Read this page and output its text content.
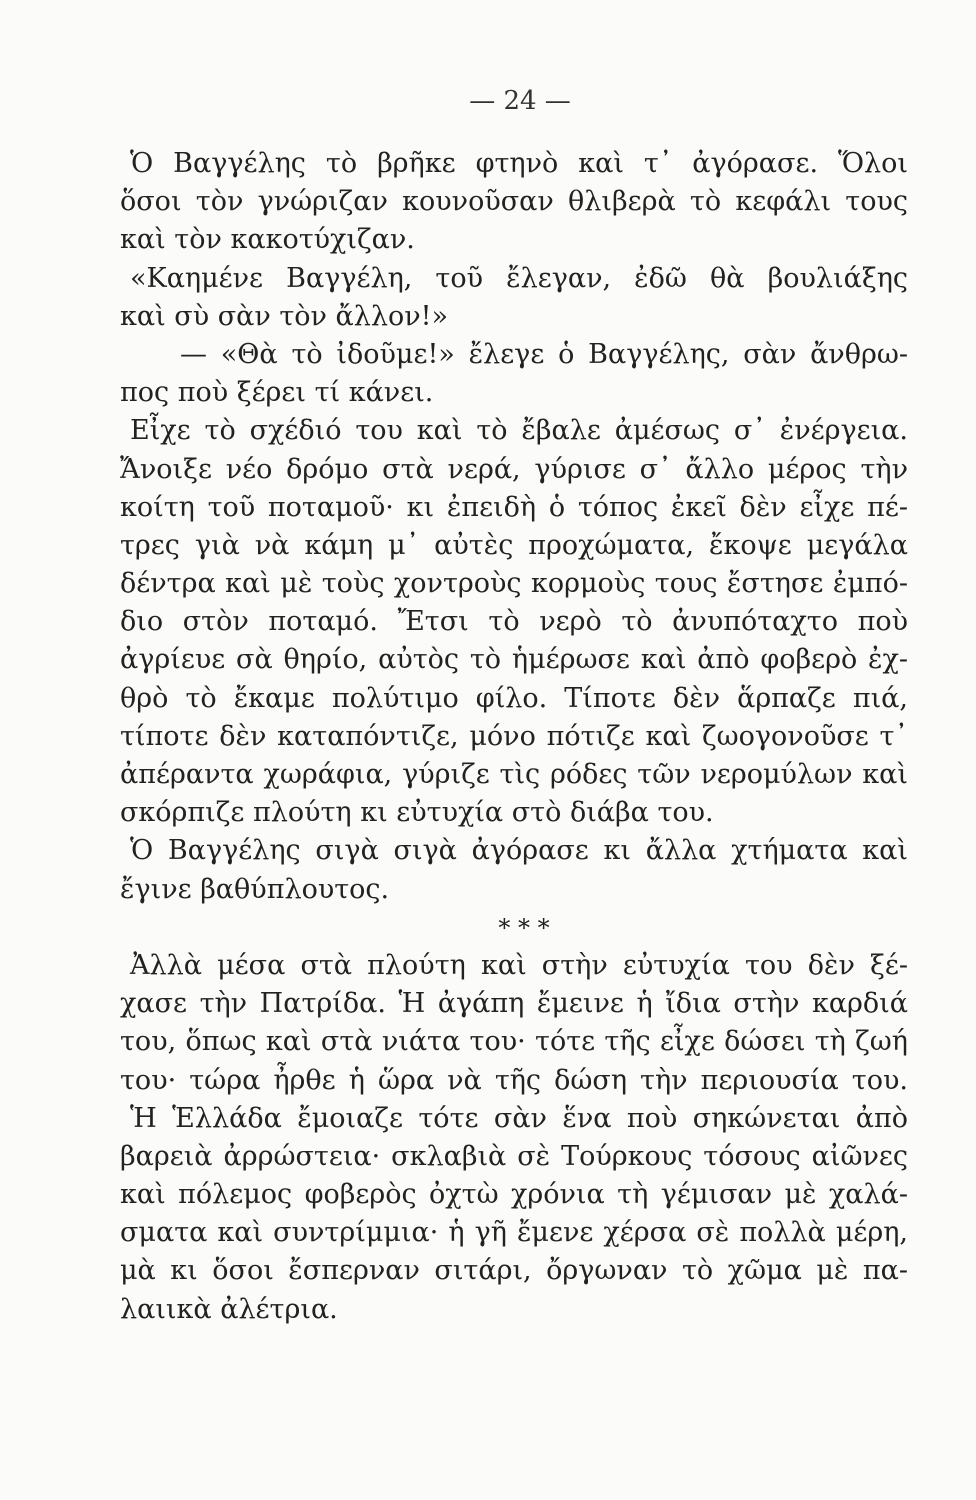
— 24 —
Ὁ Βαγγέλης τὸ βρῆκε φτηνὸ καὶ τ᾽ ἀγόρασε. Ὅλοι
ὅσοι τὸν γνώριζαν κουνοῦσαν θλιβερὰ τὸ κεφάλι τους
καὶ τὸν κακοτύχιζαν.
«Καημένε Βαγγέλη, τοῦ ἔλεγαν, ἐδῶ θὰ βουλιάξης
καὶ σὺ σὰν τὸν ἄλλον!»
— «Θὰ τὸ ἰδοῦμε!» ἔλεγε ὁ Βαγγέλης, σὰν ἄνθρω-
πος ποὺ ξέρει τί κάνει.
Εἶχε τὸ σχέδιό του καὶ τὸ ἔβαλε ἀμέσως σ᾽ ἐνέργεια.
Ἄνοιξε νέο δρόμο στὰ νερά, γύρισε σ᾽ ἄλλο μέρος τὴν
κοίτη τοῦ ποταμοῦ· κι ἐπειδὴ ὁ τόπος ἐκεῖ δὲν εἶχε πέ-
τρες γιὰ νὰ κάμη μ᾽ αὐτὲς προχώματα, ἔκοψε μεγάλα
δέντρα καὶ μὲ τοὺς χοντροὺς κορμοὺς τους ἔστησε ἐμπό-
διο στὸν ποταμό. Ἔτσι τὸ νερὸ τὸ ἀνυπόταχτο ποὺ
ἀγρίευε σὰ θηρίο, αὐτὸς τὸ ἡμέρωσε καὶ ἀπὸ φοβερὸ ἐχ-
θρὸ τὸ ἔκαμε πολύτιμο φίλο. Τίποτε δὲν ἅρπαζε πιά,
τίποτε δὲν καταπόντιζε, μόνο πότιζε καὶ ζωογονοῦσε τ᾽
ἀπέραντα χωράφια, γύριζε τὶς ρόδες τῶν νερομύλων καὶ
σκόρπιζε πλούτη κι εὐτυχία στὸ διάβα του.
Ὁ Βαγγέλης σιγὰ σιγὰ ἀγόρασε κι ἄλλα χτήματα καὶ
ἔγινε βαθύπλουτος.
* * *
Ἀλλὰ μέσα στὰ πλούτη καὶ στὴν εὐτυχία του δὲν ξέ-
χασε τὴν Πατρίδα. Ἡ ἀγάπη ἔμεινε ἡ ἴδια στὴν καρδιά
του, ὅπως καὶ στὰ νιάτα του· τότε τῆς εἶχε δώσει τὴ ζωή
του· τώρα ἦρθε ἡ ὥρα νὰ τῆς δώση τὴν περιουσία του.
Ἡ Ἑλλάδα ἔμοιαζε τότε σὰν ἕνα ποὺ σηκώνεται ἀπὸ
βαρειὰ ἀρρώστεια· σκλαβιὰ σὲ Τούρκους τόσους αἰῶνες
καὶ πόλεμος φοβερὸς ὀχτὼ χρόνια τὴ γέμισαν μὲ χαλά-
σματα καὶ συντρίμμια· ἡ γῆ ἔμενε χέρσα σὲ πολλὰ μέρη,
μὰ κι ὅσοι ἔσπερναν σιτάρι, ὄργωναν τὸ χῶμα μὲ πα-
λαιικὰ ἀλέτρια.
